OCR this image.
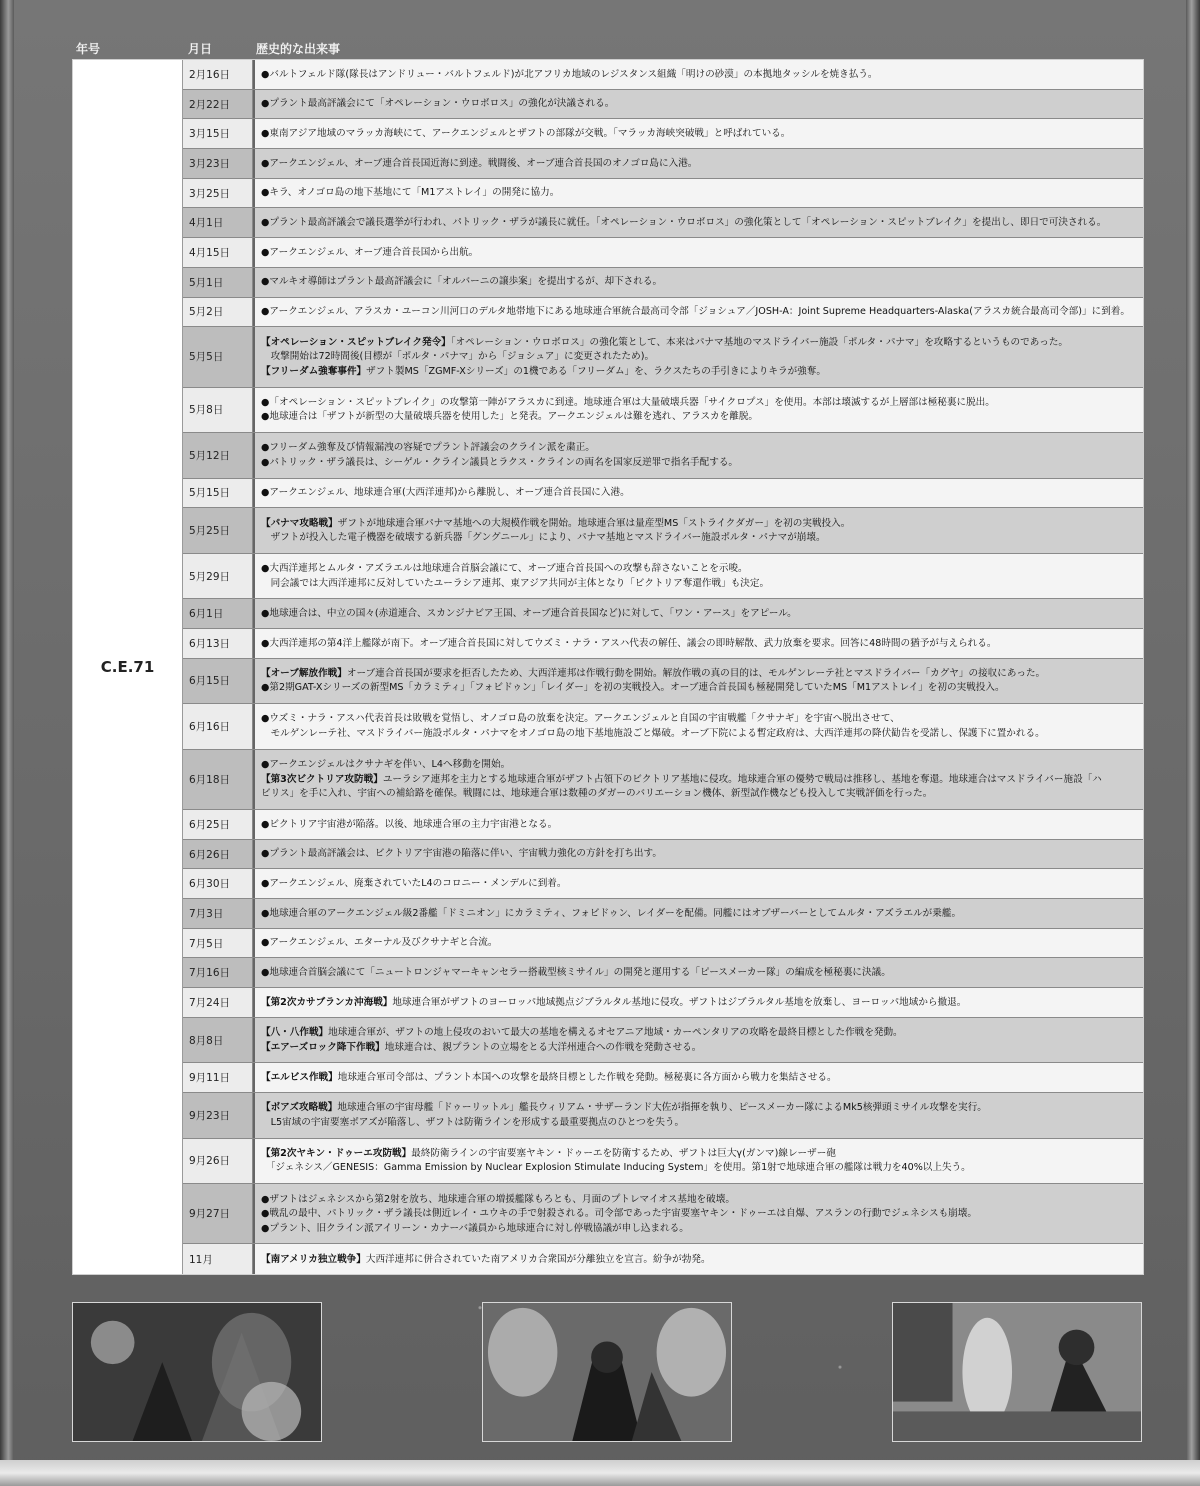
年号	月日	歴史的な出来事
C.E.71
2月16日	●バルトフェルド隊(隊長はアンドリュー・バルトフェルド)が北アフリカ地域のレジスタンス組織「明けの砂漠」の本拠地タッシルを焼き払う。
2月22日	●プラント最高評議会にて「オペレーション・ウロボロス」の強化が決議される。
3月15日	●東南アジア地域のマラッカ海峡にて、アークエンジェルとザフトの部隊が交戦。「マラッカ海峡突破戦」と呼ばれている。
3月23日	●アークエンジェル、オーブ連合首長国近海に到達。戦闘後、オーブ連合首長国のオノゴロ島に入港。
3月25日	●キラ、オノゴロ島の地下基地にて「M1アストレイ」の開発に協力。
4月1日	●プラント最高評議会で議長選挙が行われ、パトリック・ザラが議長に就任。「オペレーション・ウロボロス」の強化策として「オペレーション・スピットブレイク」を提出し、即日で可決される。
4月15日	●アークエンジェル、オーブ連合首長国から出航。
5月1日	●マルキオ導師はプラント最高評議会に「オルバーニの譲歩案」を提出するが、却下される。
5月2日	●アークエンジェル、アラスカ・ユーコン川河口のデルタ地帯地下にある地球連合軍統合最高司令部「ジョシュア／JOSH-A：Joint Supreme Headquarters-Alaska(アラスカ統合最高司令部)」に到着。
5月5日
【オペレーション・スピットブレイク発令】「オペレーション・ウロボロス」の強化策として、本来はパナマ基地のマスドライバー施設「ポルタ・パナマ」を攻略するというものであった。
　攻撃開始は72時間後(目標が「ポルタ・パナマ」から「ジョシュア」に変更されたため)。
【フリーダム強奪事件】ザフト製MS「ZGMF-Xシリーズ」の1機である「フリーダム」を、ラクスたちの手引きによりキラが強奪。
5月8日
●「オペレーション・スピットブレイク」の攻撃第一陣がアラスカに到達。地球連合軍は大量破壊兵器「サイクロプス」を使用。本部は壊滅するが上層部は極秘裏に脱出。
●地球連合は「ザフトが新型の大量破壊兵器を使用した」と発表。アークエンジェルは難を逃れ、アラスカを離脱。
5月12日
●フリーダム強奪及び情報漏洩の容疑でプラント評議会のクライン派を粛正。
●パトリック・ザラ議長は、シーゲル・クライン議員とラクス・クラインの両名を国家反逆罪で指名手配する。
5月15日	●アークエンジェル、地球連合軍(大西洋連邦)から離脱し、オーブ連合首長国に入港。
5月25日
【パナマ攻略戦】ザフトが地球連合軍パナマ基地への大規模作戦を開始。地球連合軍は量産型MS「ストライクダガー」を初の実戦投入。
　ザフトが投入した電子機器を破壊する新兵器「グングニール」により、パナマ基地とマスドライバー施設ポルタ・パナマが崩壊。
5月29日
●大西洋連邦とムルタ・アズラエルは地球連合首脳会議にて、オーブ連合首長国への攻撃も辞さないことを示唆。
　同会議では大西洋連邦に反対していたユーラシア連邦、東アジア共同が主体となり「ビクトリア奪還作戦」も決定。
6月1日	●地球連合は、中立の国々(赤道連合、スカンジナビア王国、オーブ連合首長国など)に対して、「ワン・アース」をアピール。
6月13日	●大西洋連邦の第4洋上艦隊が南下。オーブ連合首長国に対してウズミ・ナラ・アスハ代表の解任、議会の即時解散、武力放棄を要求。回答に48時間の猶予が与えられる。
6月15日
【オーブ解放作戦】オーブ連合首長国が要求を拒否したため、大西洋連邦は作戦行動を開始。解放作戦の真の目的は、モルゲンレーテ社とマスドライバー「カグヤ」の接収にあった。
●第2期GAT-Xシリーズの新型MS「カラミティ」「フォビドゥン」「レイダー」を初の実戦投入。オーブ連合首長国も極秘開発していたMS「M1アストレイ」を初の実戦投入。
6月16日
●ウズミ・ナラ・アスハ代表首長は敗戦を覚悟し、オノゴロ島の放棄を決定。アークエンジェルと自国の宇宙戦艦「クサナギ」を宇宙へ脱出させて、
　モルゲンレーテ社、マスドライバー施設ポルタ・パナマをオノゴロ島の地下基地施設ごと爆破。オーブ下院による暫定政府は、大西洋連邦の降伏勧告を受諾し、保護下に置かれる。
6月18日
●アークエンジェルはクサナギを伴い、L4へ移動を開始。
【第3次ビクトリア攻防戦】ユーラシア連邦を主力とする地球連合軍がザフト占領下のビクトリア基地に侵攻。地球連合軍の優勢で戦局は推移し、基地を奪還。地球連合はマスドライバー施設「ハ
ビリス」を手に入れ、宇宙への補給路を確保。戦闘には、地球連合軍は数種のダガーのバリエーション機体、新型試作機なども投入して実戦評価を行った。
6月25日	●ビクトリア宇宙港が陥落。以後、地球連合軍の主力宇宙港となる。
6月26日	●プラント最高評議会は、ビクトリア宇宙港の陥落に伴い、宇宙戦力強化の方針を打ち出す。
6月30日	●アークエンジェル、廃棄されていたL4のコロニー・メンデルに到着。
7月3日	●地球連合軍のアークエンジェル級2番艦「ドミニオン」にカラミティ、フォビドゥン、レイダーを配備。同艦にはオブザーバーとしてムルタ・アズラエルが乗艦。
7月5日	●アークエンジェル、エターナル及びクサナギと合流。
7月16日	●地球連合首脳会議にて「ニュートロンジャマーキャンセラー搭載型核ミサイル」の開発と運用する「ピースメーカー隊」の編成を極秘裏に決議。
7月24日	【第2次カサブランカ沖海戦】地球連合軍がザフトのヨーロッパ地域拠点ジブラルタル基地に侵攻。ザフトはジブラルタル基地を放棄し、ヨーロッパ地域から撤退。
8月8日
【八・八作戦】地球連合軍が、ザフトの地上侵攻のおいて最大の基地を構えるオセアニア地域・カーペンタリアの攻略を最終目標とした作戦を発動。
【エアーズロック降下作戦】地球連合は、親プラントの立場をとる大洋州連合への作戦を発動させる。
9月11日	【エルビス作戦】地球連合軍司令部は、プラント本国への攻撃を最終目標とした作戦を発動。極秘裏に各方面から戦力を集結させる。
9月23日
【ボアズ攻略戦】地球連合軍の宇宙母艦「ドゥーリットル」艦長ウィリアム・サザーランド大佐が指揮を執り、ピースメーカー隊によるMk5核弾頭ミサイル攻撃を実行。
　L5宙域の宇宙要塞ボアズが陥落し、ザフトは防衛ラインを形成する最重要拠点のひとつを失う。
9月26日
【第2次ヤキン・ドゥーエ攻防戦】最終防衛ラインの宇宙要塞ヤキン・ドゥーエを防衛するため、ザフトは巨大γ(ガンマ)線レーザー砲
　「ジェネシス／GENESIS：Gamma Emission by Nuclear Explosion Stimulate Inducing System」を使用。第1射で地球連合軍の艦隊は戦力を40%以上失う。
9月27日
●ザフトはジェネシスから第2射を放ち、地球連合軍の増援艦隊もろとも、月面のプトレマイオス基地を破壊。
●戦乱の最中、パトリック・ザラ議長は側近レイ・ユウキの手で射殺される。司令部であった宇宙要塞ヤキン・ドゥーエは自爆、アスランの行動でジェネシスも崩壊。
●プラント、旧クライン派アイリーン・カナーバ議員から地球連合に対し停戦協議が申し込まれる。
11月	【南アメリカ独立戦争】大西洋連邦に併合されていた南アメリカ合衆国が分離独立を宣言。紛争が勃発。
